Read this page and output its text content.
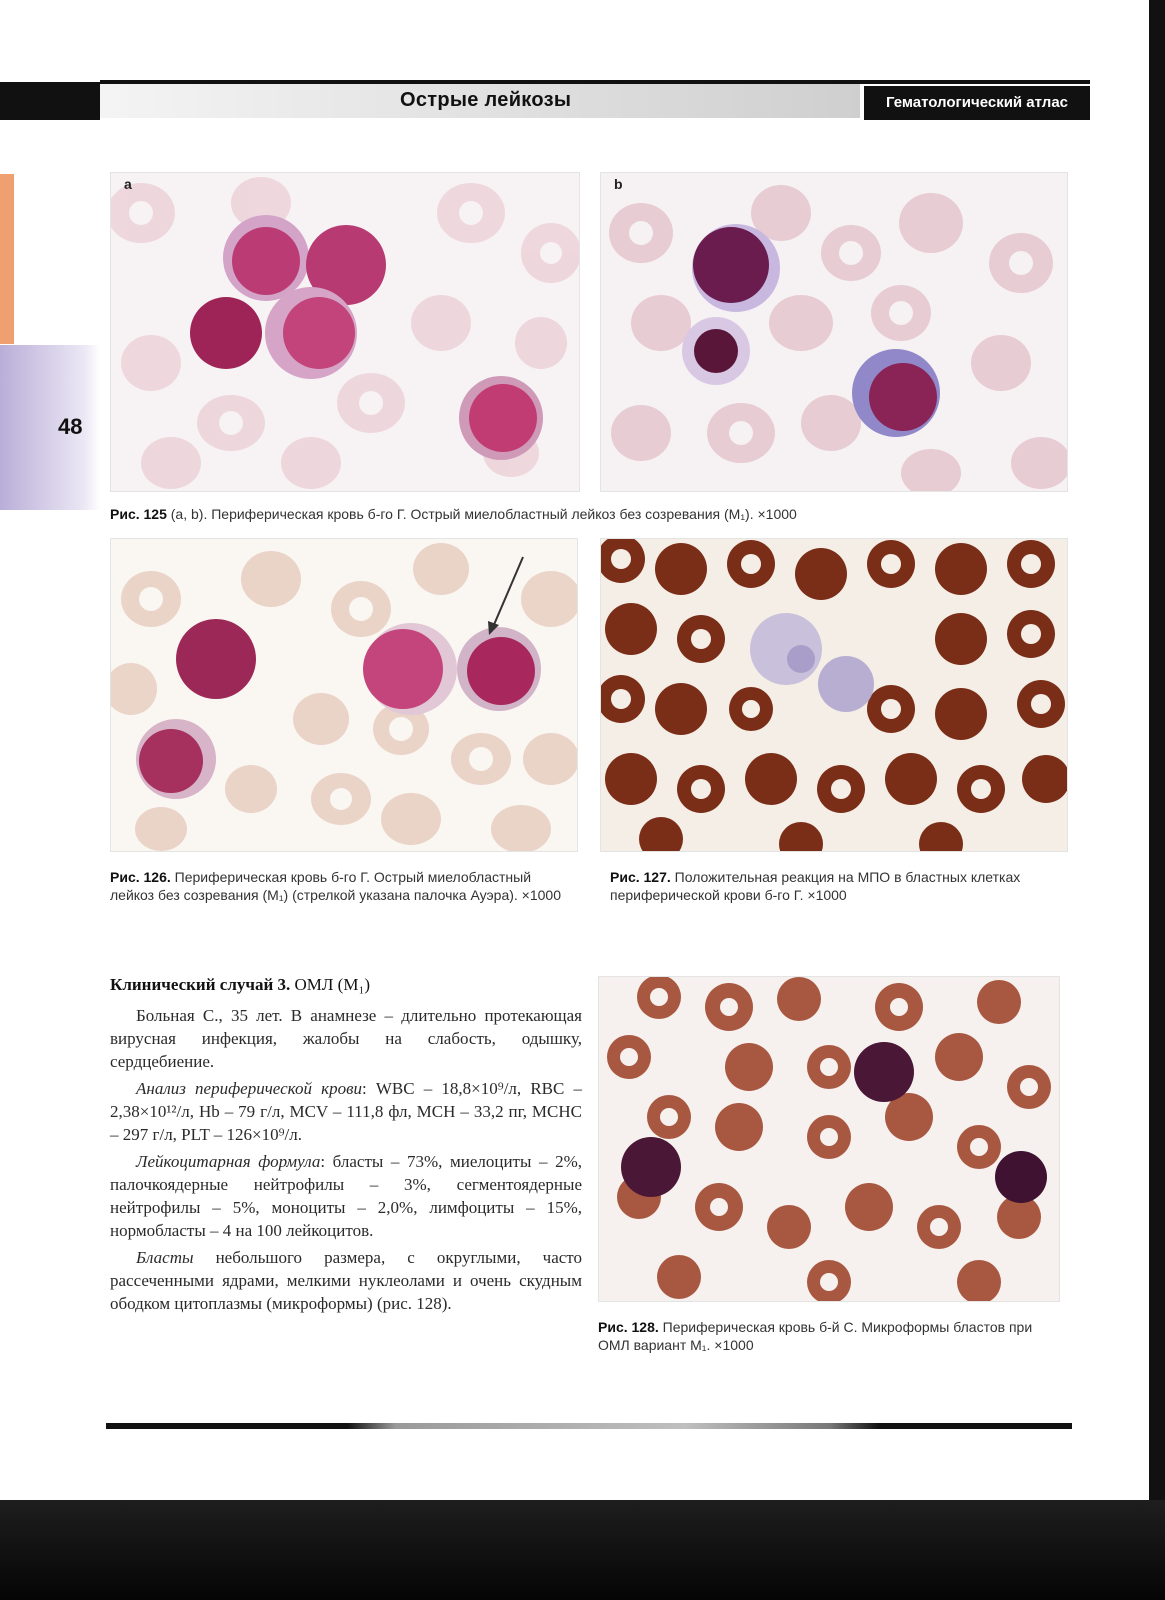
Острые лейкозы	Гематологический атлас
48
a	b
Рис. 125 (a, b). Периферическая кровь б-го Г. Острый миелобластный лейкоз без созревания (M₁). ×1000
Рис. 126. Периферическая кровь б-го Г. Острый миелобластный лейкоз без созревания (M₁) (стрелкой указана палочка Ауэра). ×1000
Рис. 127. Положительная реакция на МПО в бластных клетках периферической крови б-го Г. ×1000
Клинический случай 3. ОМЛ (M₁)

Больная С., 35 лет. В анамнезе – длительно протекающая вирусная инфекция, жалобы на слабость, одышку, сердцебиение.

Анализ периферической крови: WBC – 18,8×10⁹/л, RBC – 2,38×10¹²/л, Hb – 79 г/л, MCV – 111,8 фл, MCH – 33,2 пг, MCHC – 297 г/л, PLT – 126×10⁹/л.

Лейкоцитарная формула: бласты – 73%, миелоциты – 2%, палочкоядерные нейтрофилы – 3%, сегментоядерные нейтрофилы – 5%, моноциты – 2,0%, лимфоциты – 15%, нормобласты – 4 на 100 лейкоцитов.

Бласты небольшого размера, с округлыми, часто рассеченными ядрами, мелкими нуклеолами и очень скудным ободком цитоплазмы (микроформы) (рис. 128).

Рис. 128. Периферическая кровь б-й С. Микроформы бластов при ОМЛ вариант M₁. ×1000
